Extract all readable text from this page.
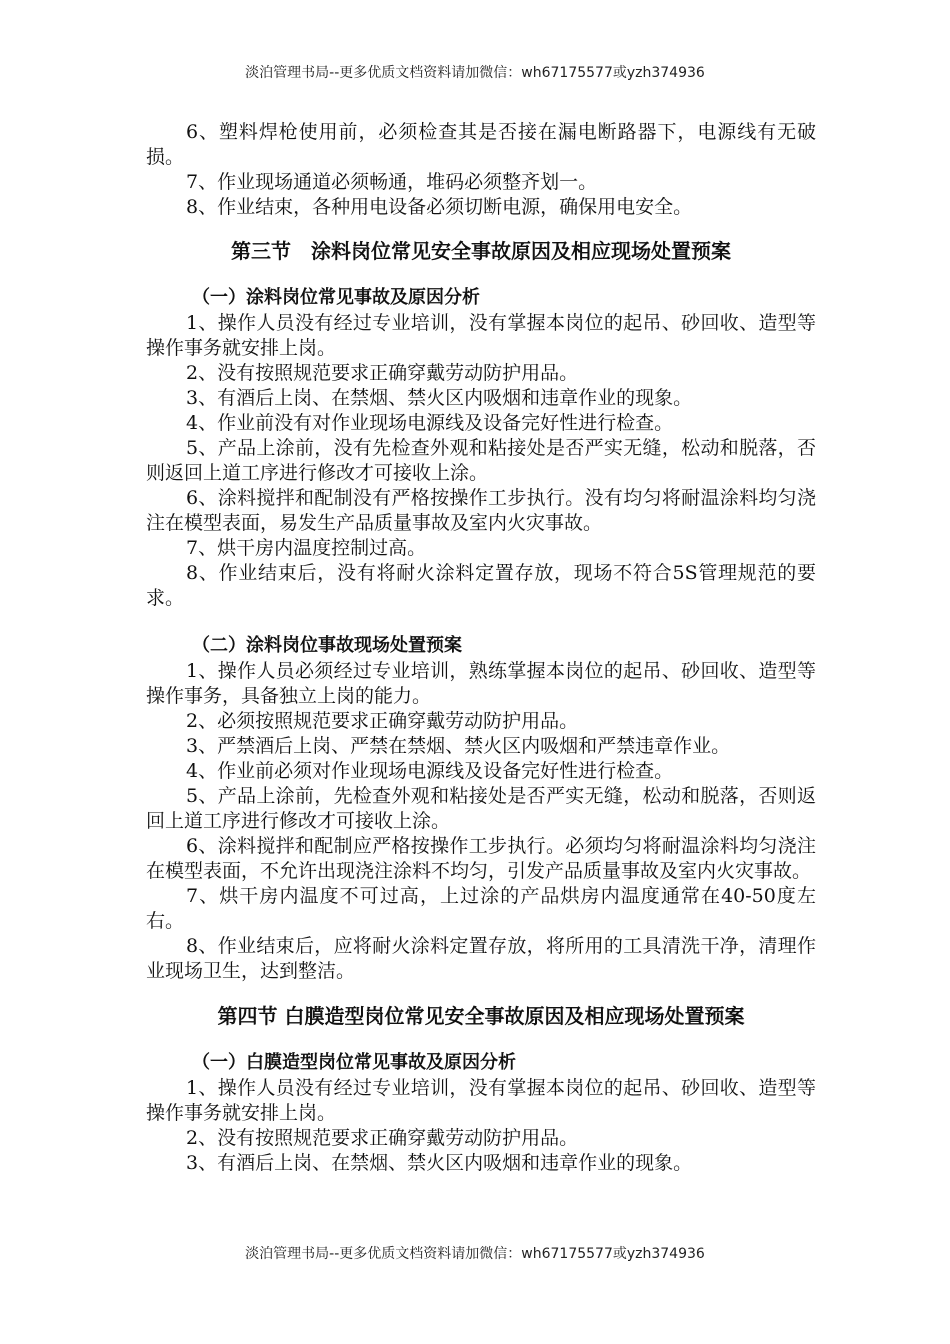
淡泊管理书局--更多优质文档资料请加微信：wh67175577或yzh374936

6、塑料焊枪使用前，必须检查其是否接在漏电断路器下，电源线有无破损。

7、作业现场通道必须畅通，堆码必须整齐划一。

8、作业结束，各种用电设备必须切断电源，确保用电安全。

第三节　涂料岗位常见安全事故原因及相应现场处置预案
（一）涂料岗位常见事故及原因分析

1、操作人员没有经过专业培训，没有掌握本岗位的起吊、砂回收、造型等操作事务就安排上岗。

2、没有按照规范要求正确穿戴劳动防护用品。

3、有酒后上岗、在禁烟、禁火区内吸烟和违章作业的现象。

4、作业前没有对作业现场电源线及设备完好性进行检查。

5、产品上涂前，没有先检查外观和粘接处是否严实无缝，松动和脱落，否则返回上道工序进行修改才可接收上涂。

6、涂料搅拌和配制没有严格按操作工步执行。没有均匀将耐温涂料均匀浇注在模型表面，易发生产品质量事故及室内火灾事故。

7、烘干房内温度控制过高。

8、作业结束后，没有将耐火涂料定置存放，现场不符合5S管理规范的要求。

（二）涂料岗位事故现场处置预案

1、操作人员必须经过专业培训，熟练掌握本岗位的起吊、砂回收、造型等操作事务，具备独立上岗的能力。

2、必须按照规范要求正确穿戴劳动防护用品。

3、严禁酒后上岗、严禁在禁烟、禁火区内吸烟和严禁违章作业。

4、作业前必须对作业现场电源线及设备完好性进行检查。

5、产品上涂前，先检查外观和粘接处是否严实无缝，松动和脱落，否则返回上道工序进行修改才可接收上涂。

6、涂料搅拌和配制应严格按操作工步执行。必须均匀将耐温涂料均匀浇注在模型表面，不允许出现浇注涂料不均匀，引发产品质量事故及室内火灾事故。

7、烘干房内温度不可过高，上过涂的产品烘房内温度通常在40-50度左右。

8、作业结束后，应将耐火涂料定置存放，将所用的工具清洗干净，清理作业现场卫生，达到整洁。

第四节 白膜造型岗位常见安全事故原因及相应现场处置预案
（一）白膜造型岗位常见事故及原因分析

1、操作人员没有经过专业培训，没有掌握本岗位的起吊、砂回收、造型等操作事务就安排上岗。

2、没有按照规范要求正确穿戴劳动防护用品。

3、有酒后上岗、在禁烟、禁火区内吸烟和违章作业的现象。

淡泊管理书局--更多优质文档资料请加微信：wh67175577或yzh374936
